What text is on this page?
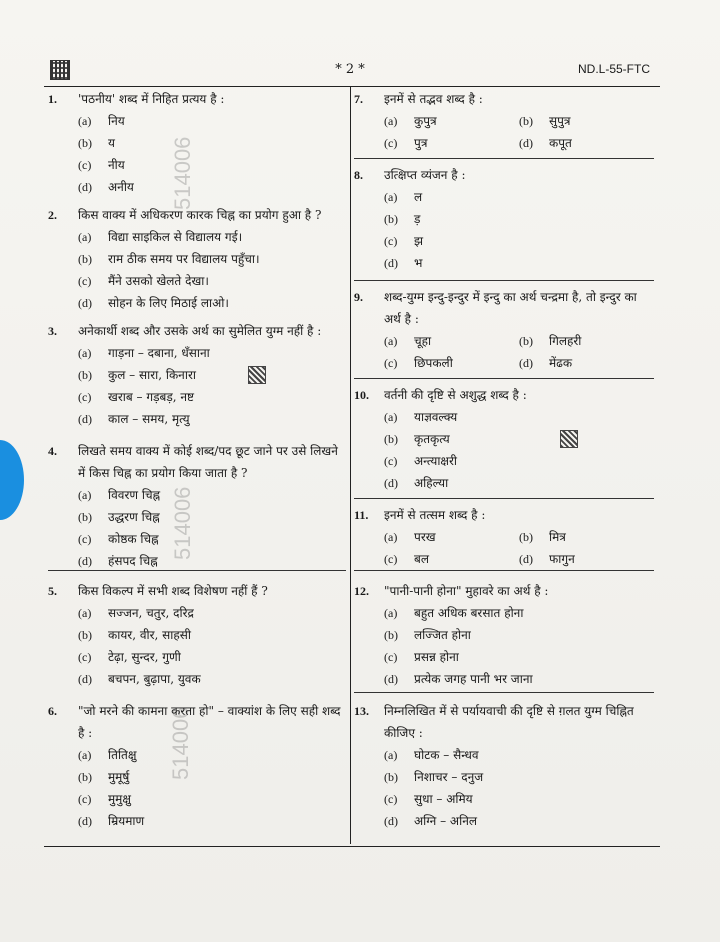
* 2 *	ND.L-55-FTC
514006
514006
514006
1.	'पठनीय' शब्द में निहित प्रत्यय है :
(a)	निय
(b)	य
(c)	नीय
(d)	अनीय
2.	किस वाक्य में अधिकरण कारक चिह्न का प्रयोग हुआ है ?
(a)	विद्या साइकिल से विद्यालय गई।
(b)	राम ठीक समय पर विद्यालय पहुँचा।
(c)	मैंने उसको खेलते देखा।
(d)	सोहन के लिए मिठाई लाओ।
3.	अनेकार्थी शब्द और उसके अर्थ का सुमेलित युग्म नहीं है :
(a)	गाड़ना – दबाना, धँसाना
(b)	कुल – सारा, किनारा
(c)	खराब – गड़बड़, नष्ट
(d)	काल – समय, मृत्यु
4.	लिखते समय वाक्य में कोई शब्द/पद छूट जाने पर उसे लिखने में किस चिह्न का प्रयोग किया जाता है ?
(a)	विवरण चिह्न
(b)	उद्धरण चिह्न
(c)	कोष्ठक चिह्न
(d)	हंसपद चिह्न
5.	किस विकल्प में सभी शब्द विशेषण नहीं हैं ?
(a)	सज्जन, चतुर, दरिद्र
(b)	कायर, वीर, साहसी
(c)	टेढ़ा, सुन्दर, गुणी
(d)	बचपन, बुढ़ापा, युवक
6.	"जो मरने की कामना करता हो" – वाक्यांश के लिए सही शब्द है :
(a)	तितिक्षु
(b)	मुमूर्षु
(c)	मुमुक्षु
(d)	म्रियमाण
7.	इनमें से तद्भव शब्द है :
(a)	कुपुत्र	(b)	सुपुत्र
(c)	पुत्र	(d)	कपूत
8.	उत्क्षिप्त व्यंजन है :
(a)	ल
(b)	ड़
(c)	झ
(d)	भ
9.	शब्द-युग्म इन्दु-इन्दुर में इन्दु का अर्थ चन्द्रमा है, तो इन्दुर का अर्थ है :
(a)	चूहा	(b)	गिलहरी
(c)	छिपकली	(d)	मेंढक
10.	वर्तनी की दृष्टि से अशुद्ध शब्द है :
(a)	याज्ञवल्क्य
(b)	कृतकृत्य
(c)	अन्त्याक्षरी
(d)	अहिल्या
11.	इनमें से तत्सम शब्द है :
(a)	परख	(b)	मित्र
(c)	बल	(d)	फागुन
12.	"पानी-पानी होना" मुहावरे का अर्थ है :
(a)	बहुत अधिक बरसात होना
(b)	लज्जित होना
(c)	प्रसन्न होना
(d)	प्रत्येक जगह पानी भर जाना
13.	निम्नलिखित में से पर्यायवाची की दृष्टि से ग़लत युग्म चिह्नित कीजिए :
(a)	घोटक – सैन्धव
(b)	निशाचर – दनुज
(c)	सुधा – अमिय
(d)	अग्नि – अनिल
